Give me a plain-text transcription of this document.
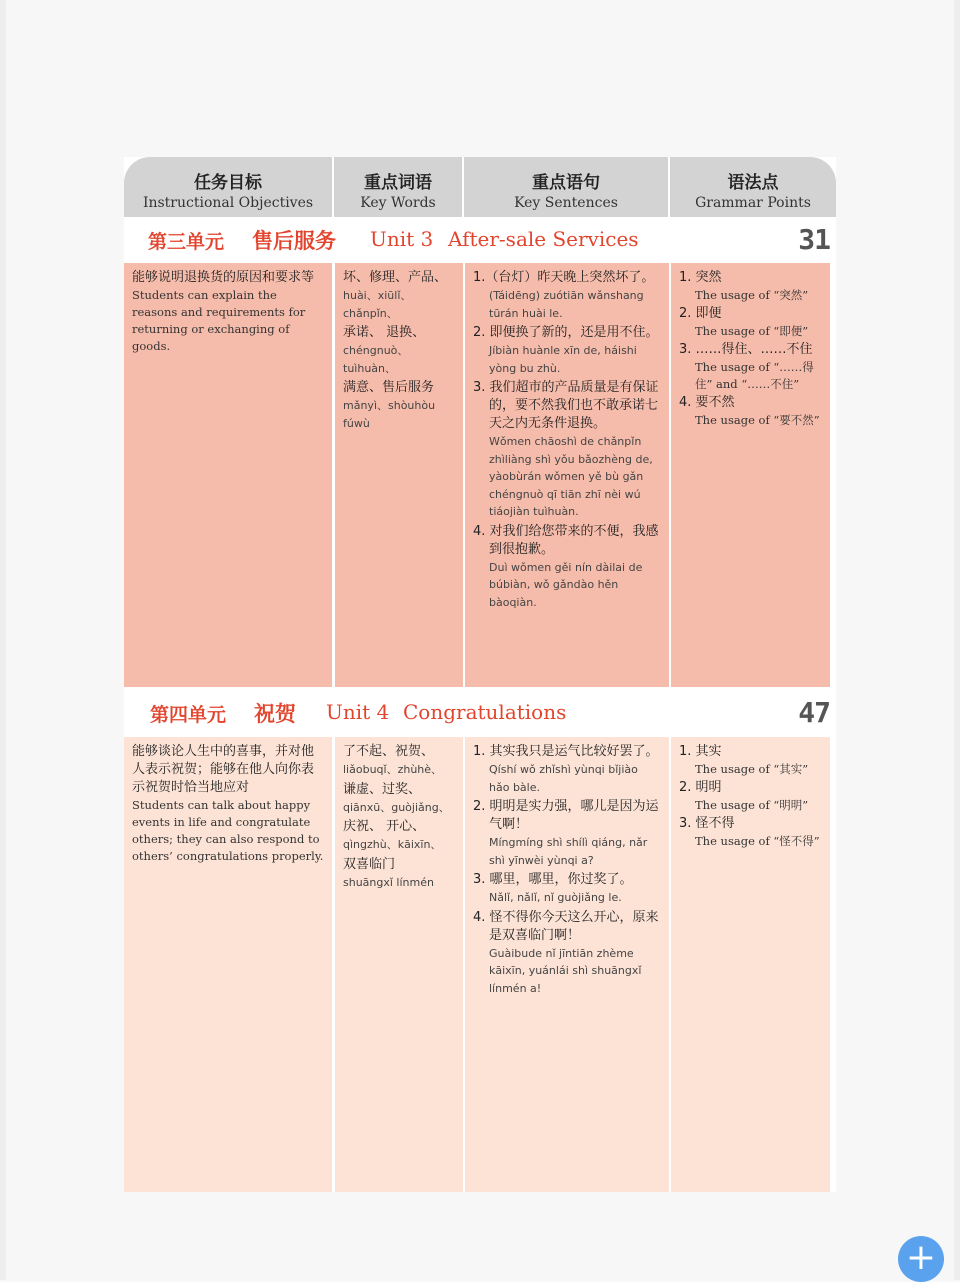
任务目标
Instructional Objectives
重点词语
Key Words
重点语句
Key Sentences
语法点
Grammar Points
第三单元 售后服务 Unit 3 After-sale Services	31
能够说明退换货的原因和要求等
Students can explain the reasons and requirements for returning or exchanging of goods.
坏、修理、产品、
huài、xiūlǐ、chǎnpǐn、
承诺、 退换、
chéngnuò、tuìhuàn、
满意、售后服务
mǎnyì、shòuhòu fúwù
1.（台灯）昨天晚上突然坏了。
(Táidēng) zuótiān wǎnshang tūrán huài le.
2. 即便换了新的，还是用不住。
Jíbiàn huànle xīn de, háishi yòng bu zhù.
3. 我们超市的产品质量是有保证的，要不然我们也不敢承诺七天之内无条件退换。
Wǒmen chāoshì de chǎnpǐn zhìliàng shì yǒu bǎozhèng de, yàobùrán wǒmen yě bù gǎn chéngnuò qī tiān zhī nèi wú tiáojiàn tuìhuàn.
4. 对我们给您带来的不便，我感到很抱歉。
Duì wǒmen gěi nín dàilai de búbiàn, wǒ gǎndào hěn bàoqiàn.
1. 突然
The usage of “突然”
2. 即便
The usage of “即便”
3. ……得住、……不住
The usage of “……得住” and “……不住”
4. 要不然
The usage of “要不然”
第四单元 祝贺 Unit 4 Congratulations	47
能够谈论人生中的喜事，并对他人表示祝贺；能够在他人向你表示祝贺时恰当地应对
Students can talk about happy events in life and congratulate others; they can also respond to others’ congratulations properly.
了不起、祝贺、
liǎobuqǐ、zhùhè、
谦虚、过奖、
qiānxū、guòjiǎng、
庆祝、 开心、
qìngzhù、kāixīn、
双喜临门
shuāngxǐ línmén
1. 其实我只是运气比较好罢了。
Qíshí wǒ zhǐshì yùnqi bǐjiào hǎo bàle.
2. 明明是实力强，哪儿是因为运气啊！
Míngmíng shì shílì qiáng, nǎr shì yīnwèi yùnqi a?
3. 哪里，哪里，你过奖了。
Nǎlǐ, nǎlǐ, nǐ guòjiǎng le.
4. 怪不得你今天这么开心，原来是双喜临门啊！
Guàibude nǐ jīntiān zhème kāixīn, yuánlái shì shuāngxǐ línmén a!
1. 其实
The usage of “其实”
2. 明明
The usage of “明明”
3. 怪不得
The usage of “怪不得”
+
